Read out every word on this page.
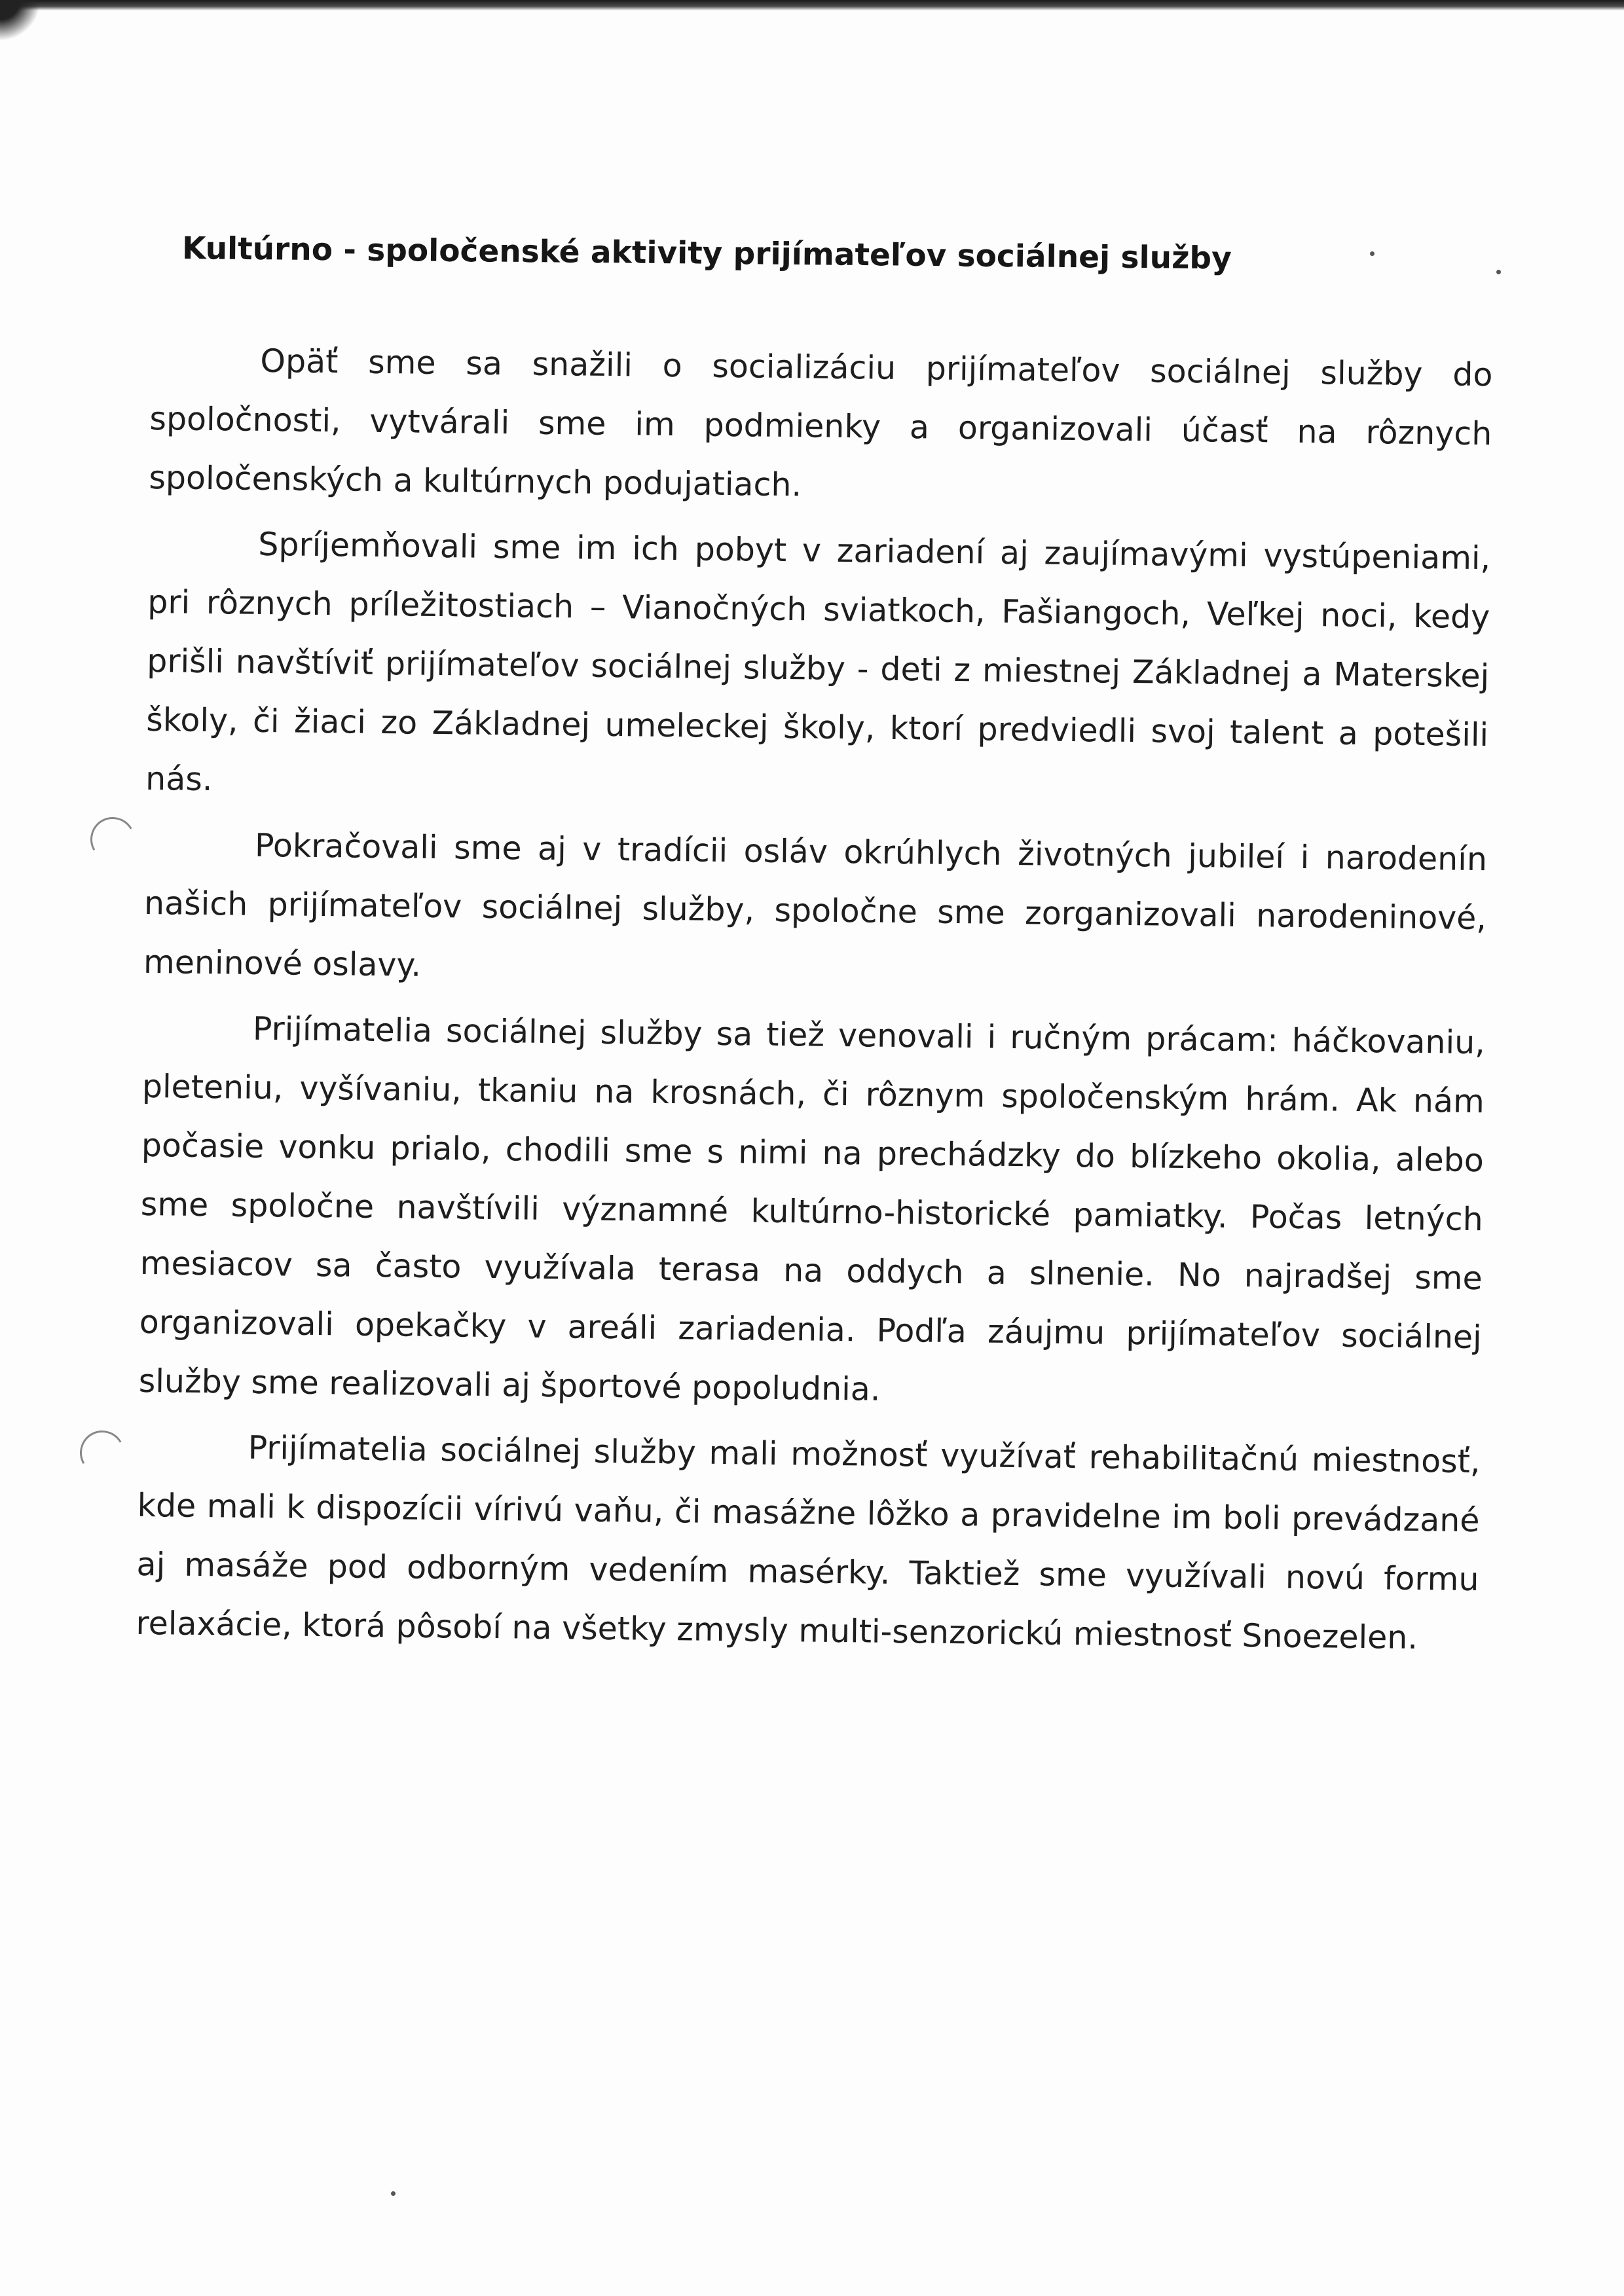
Kultúrno - spoločenské aktivity prijímateľov sociálnej služby

Opäť sme sa snažili o socializáciu prijímateľov sociálnej služby do spoločnosti, vytvárali sme im podmienky a organizovali účasť na rôznych spoločenských a kultúrnych podujatiach.

Spríjemňovali sme im ich pobyt v zariadení aj zaujímavými vystúpeniami, pri rôznych príležitostiach – Vianočných sviatkoch, Fašiangoch, Veľkej noci, kedy prišli navštíviť prijímateľov sociálnej služby - deti z miestnej Základnej a Materskej školy, či žiaci zo Základnej umeleckej školy, ktorí predviedli svoj talent a potešili nás.

Pokračovali sme aj v tradícii osláv okrúhlych životných jubileí i narodenín našich prijímateľov sociálnej služby, spoločne sme zorganizovali narodeninové, meninové oslavy.

Prijímatelia sociálnej služby sa tiež venovali i ručným prácam: háčkovaniu, pleteniu, vyšívaniu, tkaniu na krosnách, či rôznym spoločenským hrám. Ak nám počasie vonku prialo, chodili sme s nimi na prechádzky do blízkeho okolia, alebo sme spoločne navštívili významné kultúrno-historické pamiatky. Počas letných mesiacov sa často využívala terasa na oddych a slnenie. No najradšej sme organizovali opekačky v areáli zariadenia. Podľa záujmu prijímateľov sociálnej služby sme realizovali aj športové popoludnia.

Prijímatelia sociálnej služby mali možnosť využívať rehabilitačnú miestnosť, kde mali k dispozícii vírivú vaňu, či masážne lôžko a pravidelne im boli prevádzané aj masáže pod odborným vedením masérky. Taktiež sme využívali novú formu relaxácie, ktorá pôsobí na všetky zmysly multi-senzorickú miestnosť Snoezelen.
